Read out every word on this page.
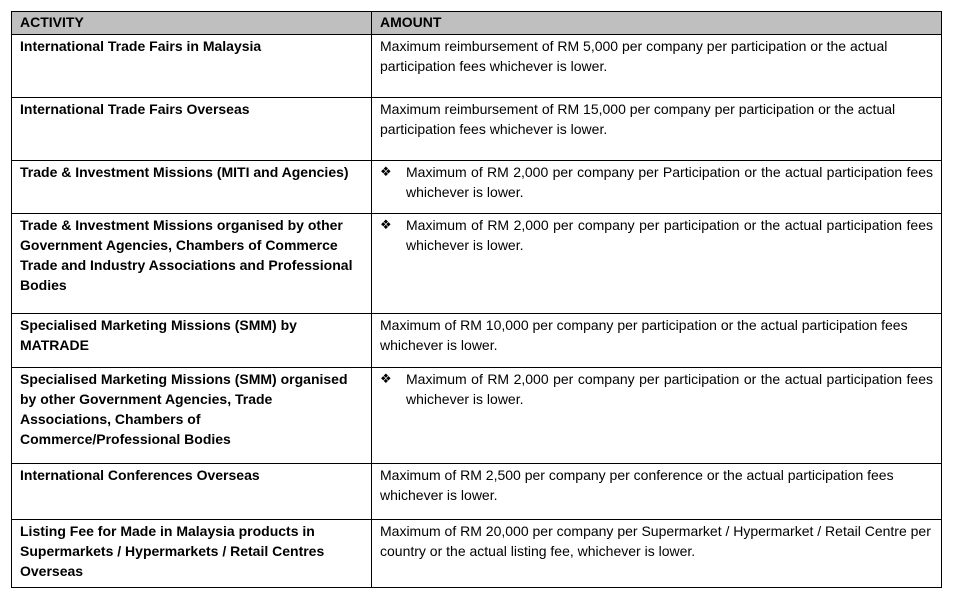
ACTIVITY	AMOUNT
International Trade Fairs in Malaysia	Maximum reimbursement of RM 5,000 per company per participation or the actual participation fees whichever is lower.
International Trade Fairs Overseas	Maximum reimbursement of RM 15,000 per company per participation or the actual participation fees whichever is lower.
Trade & Investment Missions (MITI and Agencies)	❖ Maximum of RM 2,000 per company per Participation or the actual participation fees whichever is lower.

Trade & Investment Missions organised by other Government Agencies, Chambers of Commerce Trade and Industry Associations and Professional Bodies	❖ Maximum of RM 2,000 per company per participation or the actual participation fees whichever is lower.

Specialised Marketing Missions (SMM) by MATRADE	Maximum of RM 10,000 per company per participation or the actual participation fees whichever is lower.
Specialised Marketing Missions (SMM) organised by other Government Agencies, Trade Associations, Chambers of Commerce/Professional Bodies	❖ Maximum of RM 2,000 per company per participation or the actual participation fees whichever is lower.

International Conferences Overseas	Maximum of RM 2,500 per company per conference or the actual participation fees whichever is lower.
Listing Fee for Made in Malaysia products in Supermarkets / Hypermarkets / Retail Centres Overseas	Maximum of RM 20,000 per company per Supermarket / Hypermarket / Retail Centre per country or the actual listing fee, whichever is lower.
